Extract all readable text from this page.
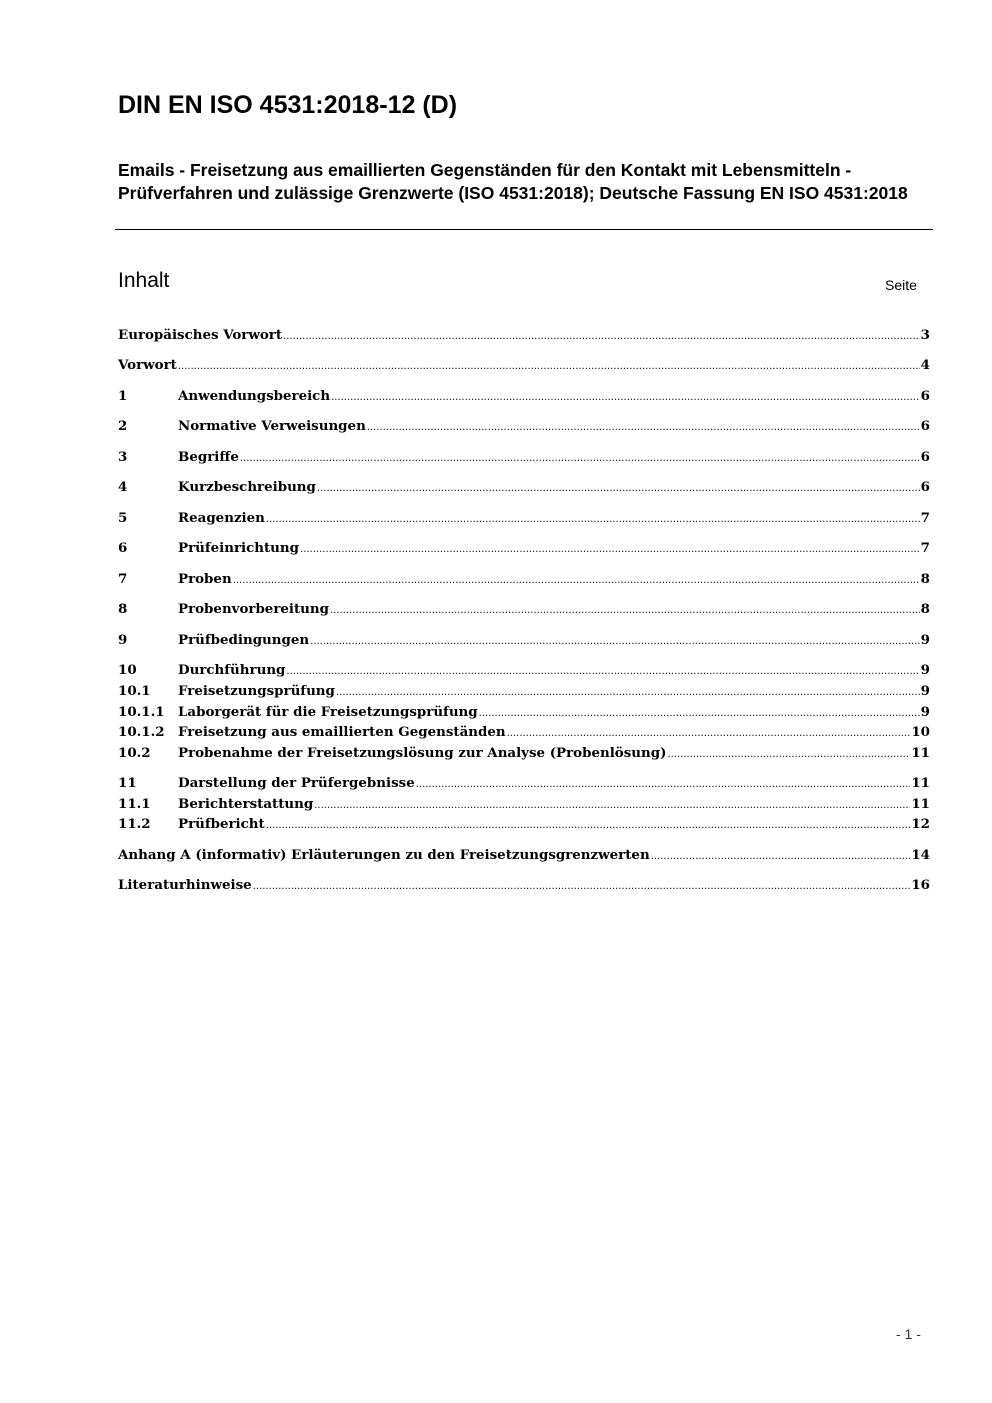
DIN EN ISO 4531:2018-12 (D)
Emails - Freisetzung aus emaillierten Gegenständen für den Kontakt mit Lebensmitteln - Prüfverfahren und zulässige Grenzwerte (ISO 4531:2018); Deutsche Fassung EN ISO 4531:2018
Inhalt	Seite
Europäisches Vorwort .....	3
Vorwort .....	4
1	Anwendungsbereich .....	6
2	Normative Verweisungen .....	6
3	Begriffe .....	6
4	Kurzbeschreibung .....	6
5	Reagenzien .....	7
6	Prüfeinrichtung .....	7
7	Proben .....	8
8	Probenvorbereitung .....	8
9	Prüfbedingungen .....	9
10	Durchführung .....	9
10.1	Freisetzungsprüfung .....	9
10.1.1	Laborgerät für die Freisetzungsprüfung .....	9
10.1.2	Freisetzung aus emaillierten Gegenständen .....	10
10.2	Probenahme der Freisetzungslösung zur Analyse (Probenlösung) .....	11
11	Darstellung der Prüfergebnisse .....	11
11.1	Berichterstattung .....	11
11.2	Prüfbericht .....	12
Anhang A (informativ) Erläuterungen zu den Freisetzungsgrenzwerten .....	14
Literaturhinweise .....	16
- 1 -
